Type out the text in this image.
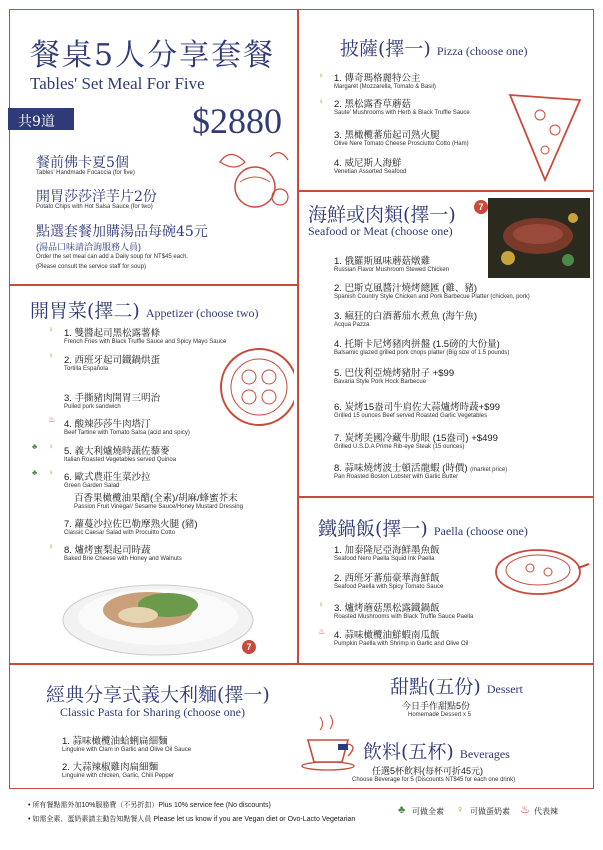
餐桌5人分享套餐
Tables' Set Meal For Five
共9道	$2880
餐前佛卡夏5個
Tables' Handmade Focaccia (for five)
開胃莎莎洋芋片2份
Potato Chips with Hot Salsa Sauce (for two)
點選套餐加購湯品每碗45元
(湯品口味請洽詢服務人員)
Order the set meal can add a Daily soup for NT$45 each.
(Please consult the service staff for soup)
開胃菜(擇二) Appetizer (choose two)
♀ 1. 雙醬起司黑松露薯條
French Fries with Black Truffle Sauce and Spicy Mayo Sauce
♀ 2. 西班牙起司鐵鍋烘蛋
Tortilla Española
3. 手撕豬肉開胃三明治
Pulled pork sandwich
♨ 4. 酸辣莎莎牛肉塔汀
Beef Tartine with Tomato Salsa (acid and spicy)
♣ ♀ 5. 義大利爐燒時蔬佐藜麥
Italian Roasted Vegetables served Quinoa
♣ ♀ 6. 歐式農莊生菜沙拉
Green Garden Salad
百香果橄欖油果醋(全素)/胡麻/蜂蜜芥末
Passion Fruit Vinegar/ Sesame Sauce/Honey Mustard Dressing
7. 蘿蔓沙拉佐巴勒摩熟火腿 (豬)
Classic Caesar Salad with Procuitto Cotto
♀ 8. 爐烤蜜梨起司時蔬
Baked Brie Cheese with Honey and Walnuts
7
披薩(擇一) Pizza (choose one)
♀ 1. 傳奇瑪格麗特公主
Margaret (Mozzarella, Tomato & Basil)
♀ 2. 黑松露香草蘑菇
Saute' Mushrooms with Herb & Black Truffle Sauce
3. 黑橄欖蕃茄起司熟火腿
Olive Nere Tomato Cheese Prosciutto Cotto (Ham)
4. 威尼斯人海鮮
Venetian Assorted Seafood
海鮮或肉類(擇一)
Seafood or Meat (choose one)
7
1. 俄羅斯風味蘑菇燉雞
Russian Flavor Mushroom Stewed Chicken
2. 巴斯克風醬汁燒烤總匯 (雞、豬)
Spanish Country Style Chicken and Pork Barbecue Platter (chicken, pork)
3. 瘋狂的白酒蕃茄水煮魚 (海午魚)
Acqua Pazza
4. 托斯卡尼烤豬肉拼盤 (1.5磅的大份量)
Balsamic glazed grilled pork chops platter (Big size of 1.5 pounds)
5. 巴伐利亞燒烤豬肘子 +$99
Bavaria Style Pork Hock Barbecue
6. 炭烤15盎司牛肩佐大蒜爐烤時蔬+$99
Grilled 15 ounces Beef served Roasted Garlic Vegetables
7. 炭烤美國冷藏牛肋眼 (15盎司) +$499
Grilled U.S.D.A Prime Rib-eye Steak (15 ounces)
8. 蒜味燒烤波士頓活龍蝦 (時價) (market price)
Pan Roasted Boston Lobster with Garlic Butter
鐵鍋飯(擇一) Paella (choose one)
1. 加泰隆尼亞海鮮墨魚飯
Seafood Nero Paella Squid Ink Paella
2. 西班牙蕃茄豪華海鮮飯
Seafood Paella with Spicy Tomato Sauce
♀ 3. 爐烤蘑菇黑松露鐵鍋飯
Roasted Mushrooms with Black Truffle Sauce Paella
♨ 4. 蒜味橄欖油鮮蝦南瓜飯
Pumpkin Paella with Shrimp in Garlic and Olive Oil
經典分享式義大利麵(擇一)
Classic Pasta for Sharing (choose one)
1. 蒜味橄欖油蛤蜊扁細麵
Linguine with Clam in Garlic and Olive Oil Sauce
2. 大蒜辣椒雞肉扁細麵
Linguine with chicken, Garlic, Chili Pepper
甜點(五份) Dessert
今日手作甜點5份
Homemade Dessert x 5
飲料(五杯) Beverages
任選5杯飲料(每杯可折45元)
Choose Beverage for 5 (Discounts NT$45 for each one drink)
• 所有餐點需外加10%服務費（不另折扣）Plus 10% service fee (No discounts)
• 如需全素、蛋奶素請主動告知點餐人員 Please let us know if you are Vegan diet or Ovo-Lacto Vegetarian
♣ 可做全素 ♀ 可做蛋奶素 ♨ 代表辣
